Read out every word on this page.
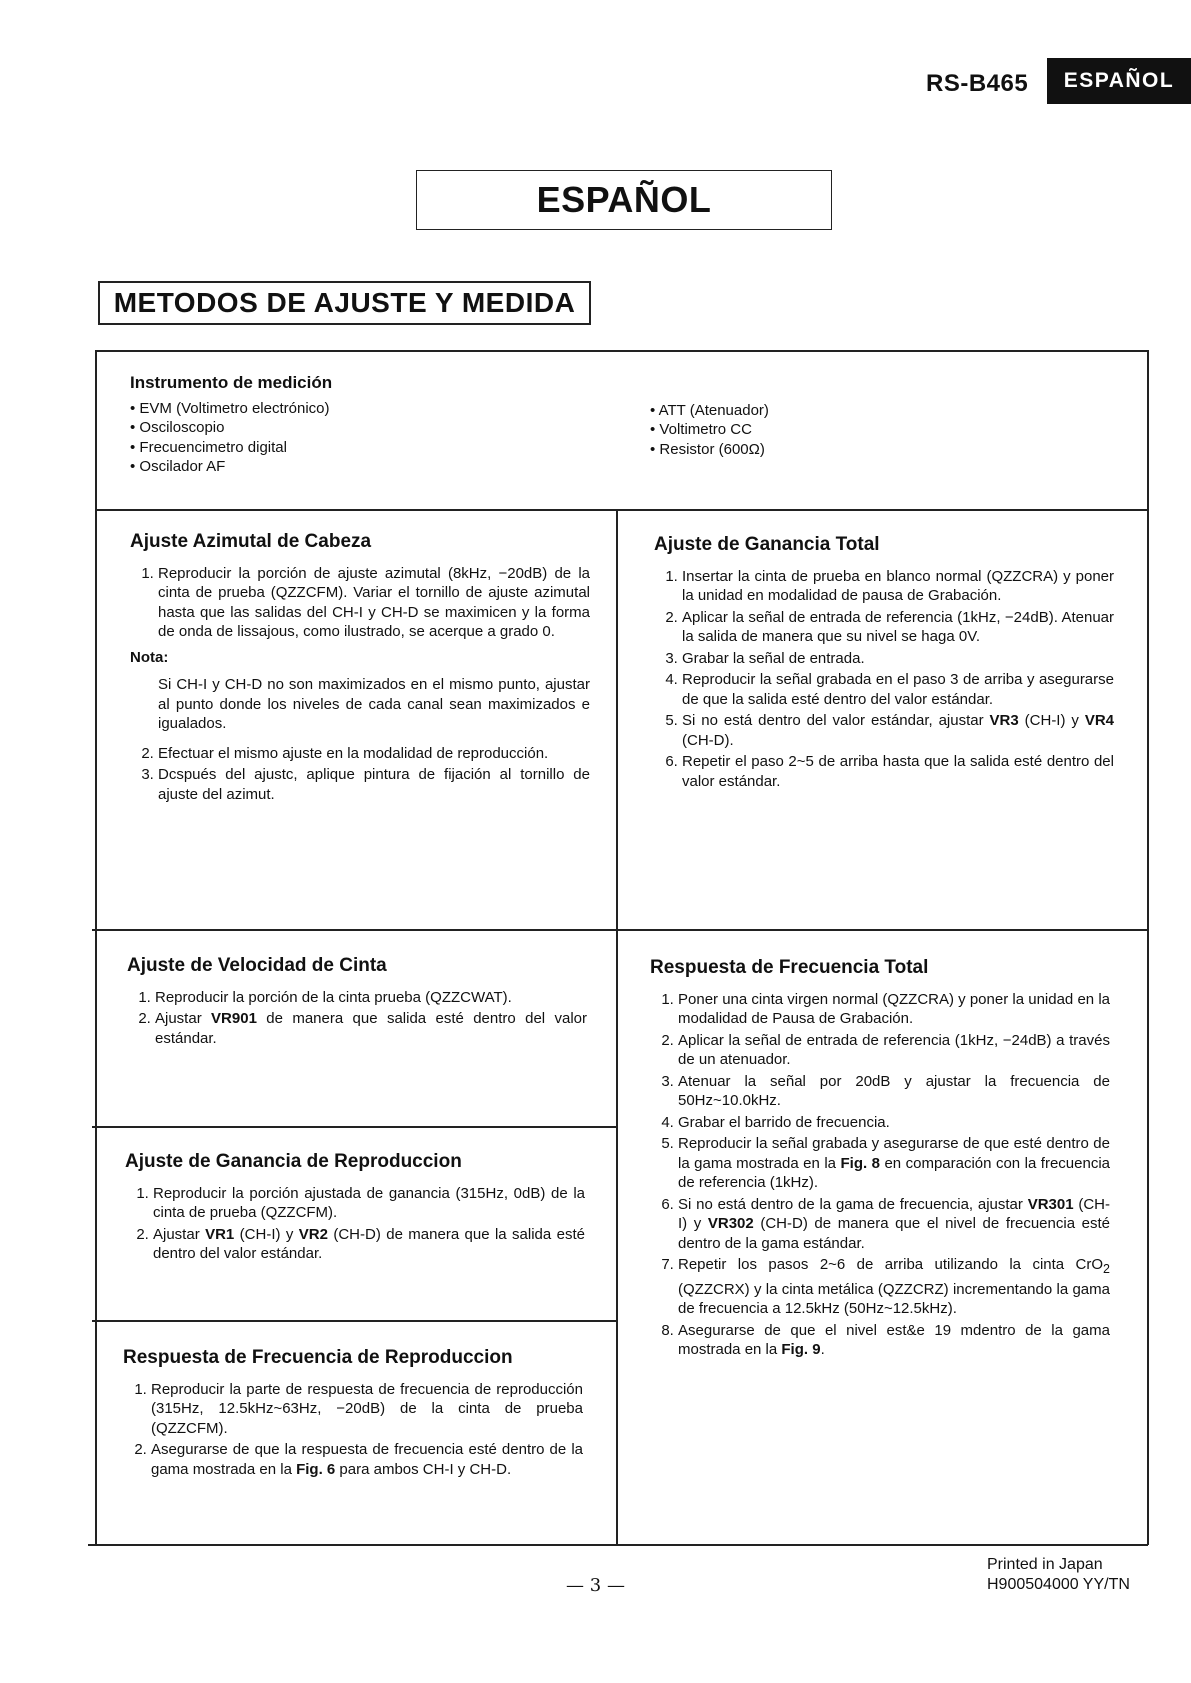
RS-B465	ESPAÑOL
ESPAÑOL
METODOS DE AJUSTE Y MEDIDA
Instrumento de medición
• EVM (Voltimetro electrónico)
• Osciloscopio
• Frecuencimetro digital
• Oscilador AF
• ATT (Atenuador)
• Voltimetro CC
• Resistor (600Ω)
Ajuste Azimutal de Cabeza
1. Reproducir la porción de ajuste azimutal (8kHz, −20dB) de la cinta de prueba (QZZCFM). Variar el tornillo de ajuste azimutal hasta que las salidas del CH-I y CH-D se maximicen y la forma de onda de lissajous, como ilustrado, se acerque a grado 0.
Nota:
Si CH-I y CH-D no son maximizados en el mismo punto, ajustar al punto donde los niveles de cada canal sean maximizados e igualados.
2. Efectuar el mismo ajuste en la modalidad de reproducción.
3. Dcspués del ajustc, aplique pintura de fijación al tornillo de ajuste del azimut.
Ajuste de Ganancia Total
1. Insertar la cinta de prueba en blanco normal (QZZCRA) y poner la unidad en modalidad de pausa de Grabación.
2. Aplicar la señal de entrada de referencia (1kHz, −24dB). Atenuar la salida de manera que su nivel se haga 0V.
3. Grabar la señal de entrada.
4. Reproducir la señal grabada en el paso 3 de arriba y asegurarse de que la salida esté dentro del valor estándar.
5. Si no está dentro del valor estándar, ajustar VR3 (CH-I) y VR4 (CH-D).
6. Repetir el paso 2~5 de arriba hasta que la salida esté dentro del valor estándar.
Ajuste de Velocidad de Cinta
1. Reproducir la porción de la cinta prueba (QZZCWAT).
2. Ajustar VR901 de manera que salida esté dentro del valor estándar.
Ajuste de Ganancia de Reproduccion
1. Reproducir la porción ajustada de ganancia (315Hz, 0dB) de la cinta de prueba (QZZCFM).
2. Ajustar VR1 (CH-I) y VR2 (CH-D) de manera que la salida esté dentro del valor estándar.
Respuesta de Frecuencia de Reproduccion
1. Reproducir la parte de respuesta de frecuencia de reproducción (315Hz, 12.5kHz~63Hz, −20dB) de la cinta de prueba (QZZCFM).
2. Asegurarse de que la respuesta de frecuencia esté dentro de la gama mostrada en la Fig. 6 para ambos CH-I y CH-D.
Respuesta de Frecuencia Total
1. Poner una cinta virgen normal (QZZCRA) y poner la unidad en la modalidad de Pausa de Grabación.
2. Aplicar la señal de entrada de referencia (1kHz, −24dB) a través de un atenuador.
3. Atenuar la señal por 20dB y ajustar la frecuencia de 50Hz~10.0kHz.
4. Grabar el barrido de frecuencia.
5. Reproducir la señal grabada y asegurarse de que esté dentro de la gama mostrada en la Fig. 8 en comparación con la frecuencia de referencia (1kHz).
6. Si no está dentro de la gama de frecuencia, ajustar VR301 (CH-I) y VR302 (CH-D) de manera que el nivel de frecuencia esté dentro de la gama estándar.
7. Repetir los pasos 2~6 de arriba utilizando la cinta CrO$_2$ (QZZCRX) y la cinta metálica (QZZCRZ) incrementando la gama de frecuencia a 12.5kHz (50Hz~12.5kHz).
8. Asegurarse de que el nivel est&e 19 mdentro de la gama mostrada en la Fig. 9.
— 3 —
Printed in Japan
H900504000 YY/TN
